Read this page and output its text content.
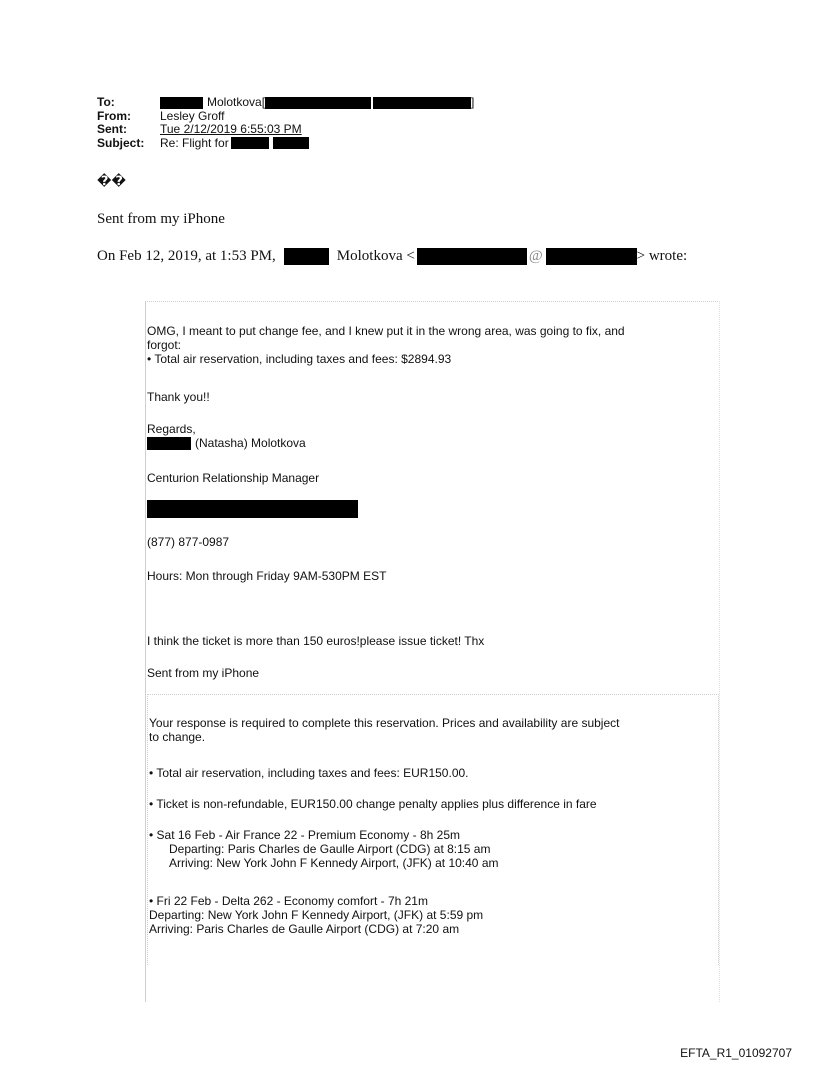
To:	Molotkova[	]
From:	Lesley Groff
Sent:	Tue 2/12/2019 6:55:03 PM
Subject:	Re: Flight for
��
Sent from my iPhone
On Feb 12, 2019, at 1:53 PM,	Molotkova <	@	> wrote:
OMG, I meant to put change fee, and I knew put it in the wrong area, was going to fix, and
forgot:
• Total air reservation, including taxes and fees: $2894.93
Thank you!!
Regards,
(Natasha) Molotkova
Centurion Relationship Manager
(877) 877-0987
Hours: Mon through Friday 9AM-530PM EST
I think the ticket is more than 150 euros!please issue ticket! Thx
Sent from my iPhone
Your response is required to complete this reservation. Prices and availability are subject
to change.
• Total air reservation, including taxes and fees: EUR150.00.
• Ticket is non-refundable, EUR150.00 change penalty applies plus difference in fare
• Sat 16 Feb - Air France 22 - Premium Economy - 8h 25m
Departing: Paris Charles de Gaulle Airport (CDG) at 8:15 am
Arriving: New York John F Kennedy Airport, (JFK) at 10:40 am
• Fri 22 Feb - Delta 262 - Economy comfort - 7h 21m
Departing: New York John F Kennedy Airport, (JFK) at 5:59 pm
Arriving: Paris Charles de Gaulle Airport (CDG) at 7:20 am
EFTA_R1_01092707
